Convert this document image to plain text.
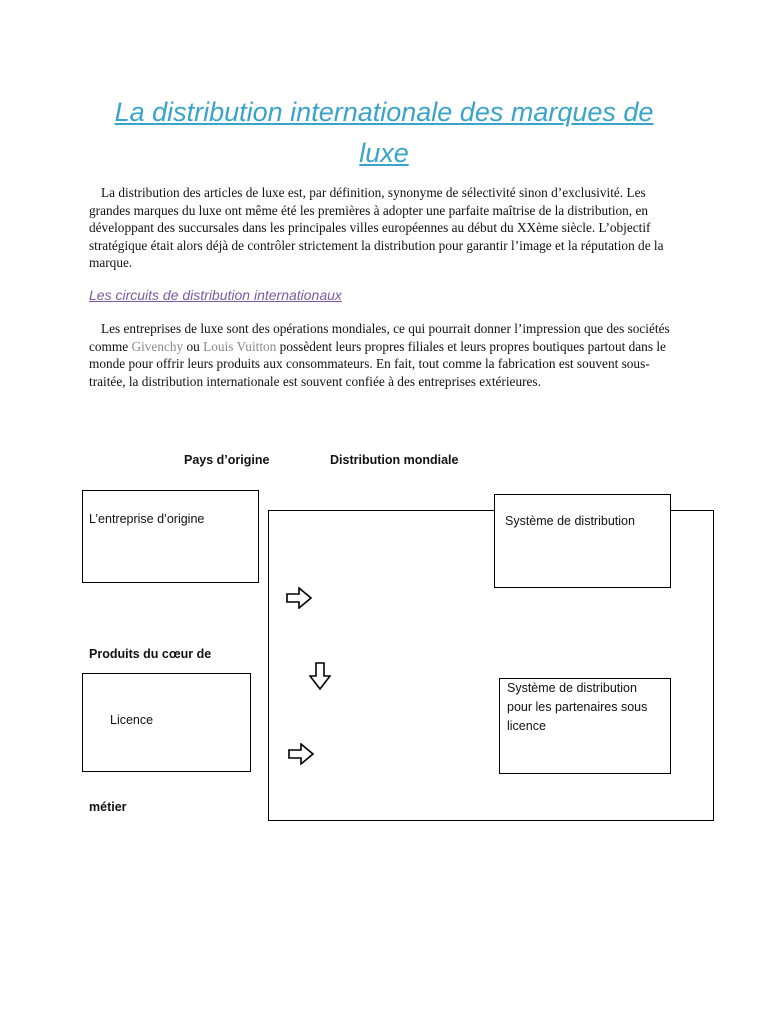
La distribution internationale des marques de
luxe

La distribution des articles de luxe est, par définition, synonyme de sélectivité sinon d’exclusivité. Les grandes marques du luxe ont même été les premières à adopter une parfaite maîtrise de la distribution, en développant des succursales dans les principales villes européennes au début du XXème siècle. L’objectif stratégique était alors déjà de contrôler strictement la distribution pour garantir l’image et la réputation de la marque.

Les circuits de distribution internationaux

Les entreprises de luxe sont des opérations mondiales, ce qui pourrait donner l’impression que des sociétés comme Givenchy ou Louis Vuitton possèdent leurs propres filiales et leurs propres boutiques partout dans le monde pour offrir leurs produits aux consommateurs. En fait, tout comme la fabrication est souvent sous-traitée, la distribution internationale est souvent confiée à des entreprises extérieures.

Pays d’origine	Distribution mondiale
L’entreprise d’origine	Système de distribution
Produits du cœur de
Licence
Système de distribution
pour les partenaires sous
licence
métier
